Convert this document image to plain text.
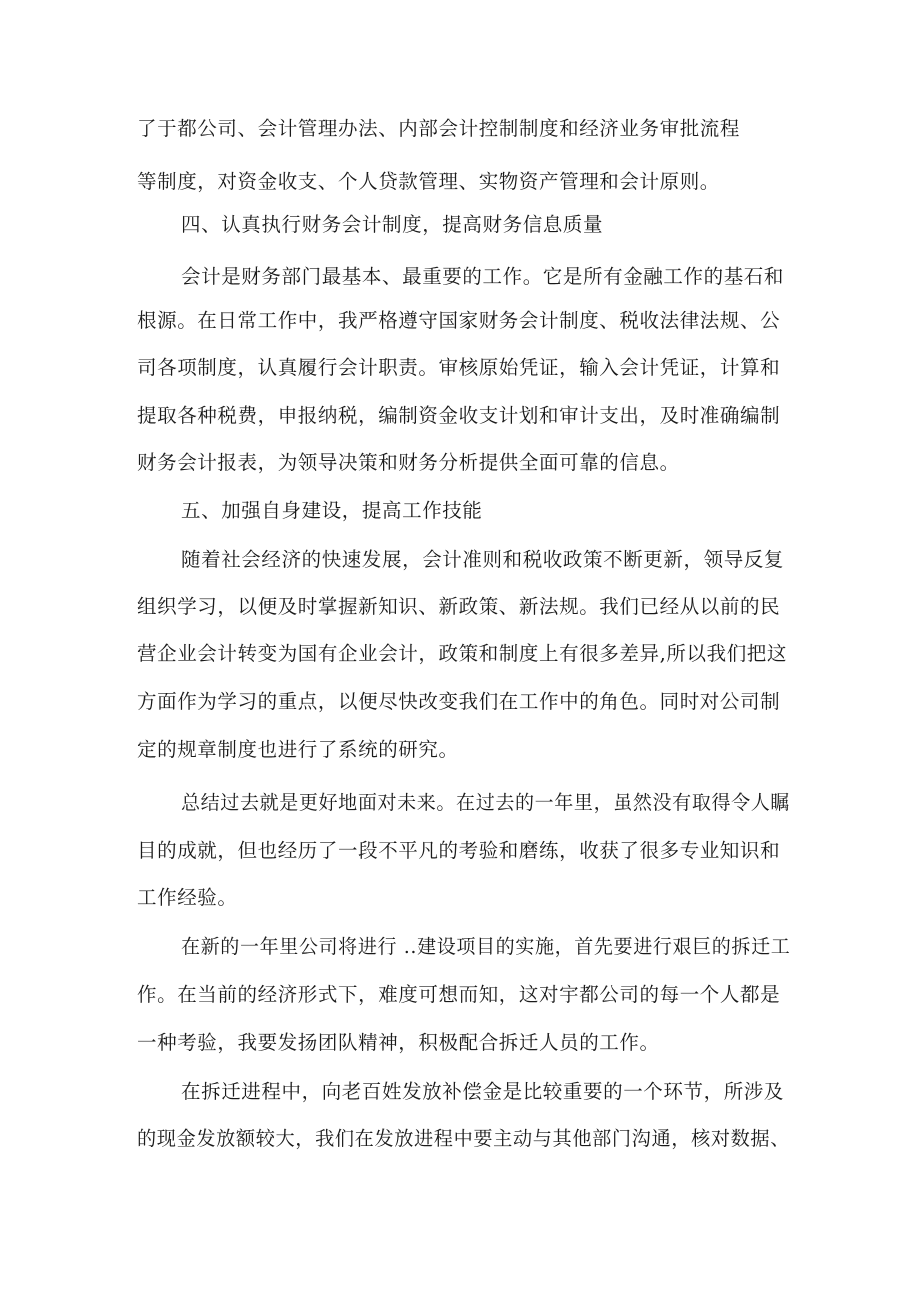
了于都公司、会计管理办法、内部会计控制制度和经济业务审批流程
等制度，对资金收支、个人贷款管理、实物资产管理和会计原则。
四、认真执行财务会计制度，提高财务信息质量
会计是财务部门最基本、最重要的工作。它是所有金融工作的基石和
根源。在日常工作中，我严格遵守国家财务会计制度、税收法律法规、公
司各项制度，认真履行会计职责。审核原始凭证，输入会计凭证，计算和
提取各种税费，申报纳税，编制资金收支计划和审计支出，及时准确编制
财务会计报表，为领导决策和财务分析提供全面可靠的信息。
五、加强自身建设，提高工作技能
随着社会经济的快速发展，会计准则和税收政策不断更新，领导反复
组织学习，以便及时掌握新知识、新政策、新法规。我们已经从以前的民
营企业会计转变为国有企业会计，政策和制度上有很多差异,所以我们把这
方面作为学习的重点，以便尽快改变我们在工作中的角色。同时对公司制
定的规章制度也进行了系统的研究。
总结过去就是更好地面对未来。在过去的一年里，虽然没有取得令人瞩
目的成就，但也经历了一段不平凡的考验和磨练，收获了很多专业知识和
工作经验。
在新的一年里公司将进行 ..建设项目的实施，首先要进行艰巨的拆迁工
作。在当前的经济形式下，难度可想而知，这对宇都公司的每一个人都是
一种考验，我要发扬团队精神，积极配合拆迁人员的工作。
在拆迁进程中，向老百姓发放补偿金是比较重要的一个环节，所涉及
的现金发放额较大，我们在发放进程中要主动与其他部门沟通，核对数据、
